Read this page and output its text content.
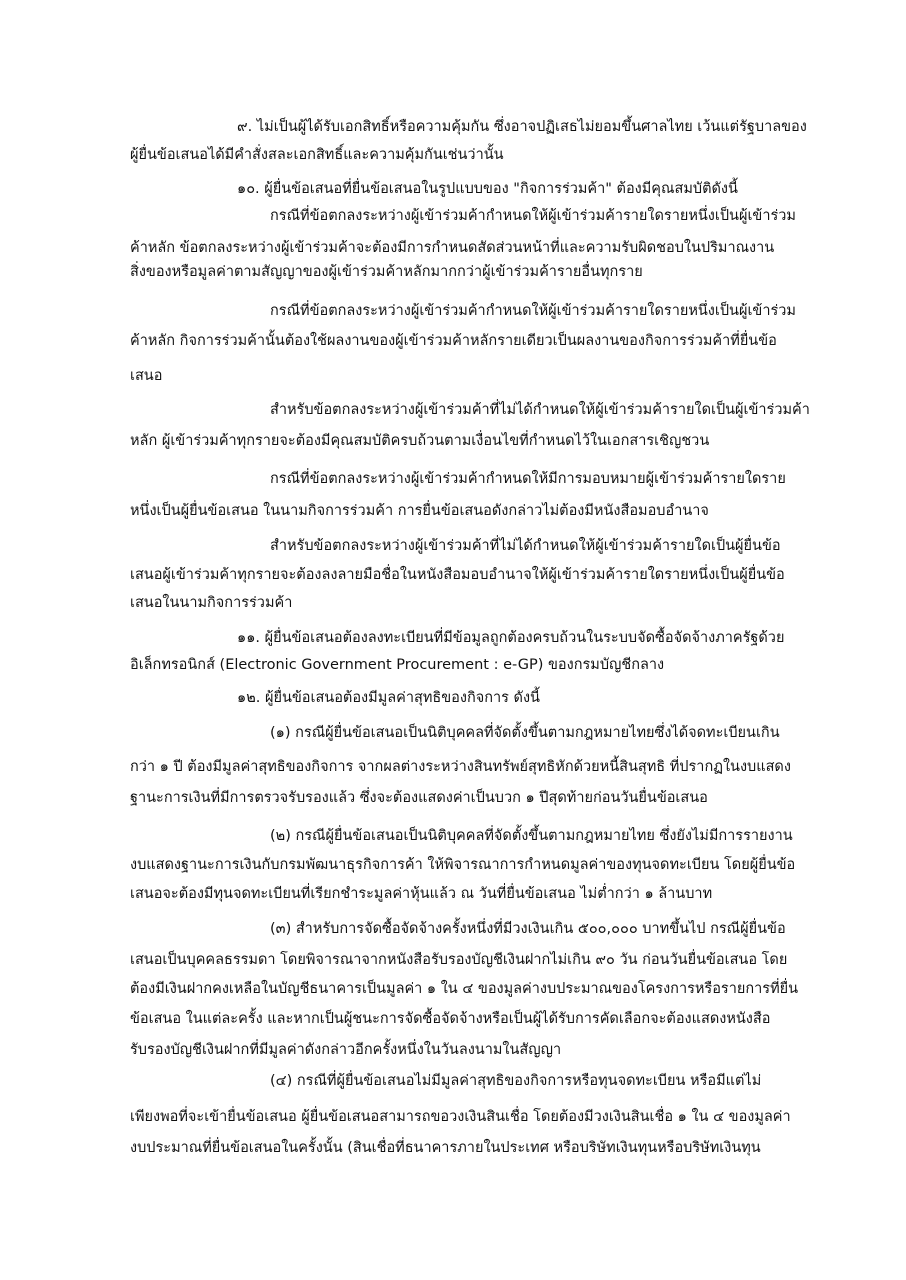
๙. ไม่เป็นผู้ได้รับเอกสิทธิ์หรือความคุ้มกัน ซึ่งอาจปฏิเสธไม่ยอมขึ้นศาลไทย เว้นแต่รัฐบาลของ
ผู้ยื่นข้อเสนอได้มีคำสั่งสละเอกสิทธิ์และความคุ้มกันเช่นว่านั้น
๑๐. ผู้ยื่นข้อเสนอที่ยื่นข้อเสนอในรูปแบบของ "กิจการร่วมค้า" ต้องมีคุณสมบัติดังนี้
กรณีที่ข้อตกลงระหว่างผู้เข้าร่วมค้ากำหนดให้ผู้เข้าร่วมค้ารายใดรายหนึ่งเป็นผู้เข้าร่วม
ค้าหลัก ข้อตกลงระหว่างผู้เข้าร่วมค้าจะต้องมีการกำหนดสัดส่วนหน้าที่และความรับผิดชอบในปริมาณงาน
สิ่งของหรือมูลค่าตามสัญญาของผู้เข้าร่วมค้าหลักมากกว่าผู้เข้าร่วมค้ารายอื่นทุกราย
กรณีที่ข้อตกลงระหว่างผู้เข้าร่วมค้ากำหนดให้ผู้เข้าร่วมค้ารายใดรายหนึ่งเป็นผู้เข้าร่วม
ค้าหลัก กิจการร่วมค้านั้นต้องใช้ผลงานของผู้เข้าร่วมค้าหลักรายเดียวเป็นผลงานของกิจการร่วมค้าที่ยื่นข้อ
เสนอ
สำหรับข้อตกลงระหว่างผู้เข้าร่วมค้าที่ไม่ได้กำหนดให้ผู้เข้าร่วมค้ารายใดเป็นผู้เข้าร่วมค้า
หลัก ผู้เข้าร่วมค้าทุกรายจะต้องมีคุณสมบัติครบถ้วนตามเงื่อนไขที่กำหนดไว้ในเอกสารเชิญชวน
กรณีที่ข้อตกลงระหว่างผู้เข้าร่วมค้ากำหนดให้มีการมอบหมายผู้เข้าร่วมค้ารายใดราย
หนึ่งเป็นผู้ยื่นข้อเสนอ ในนามกิจการร่วมค้า การยื่นข้อเสนอดังกล่าวไม่ต้องมีหนังสือมอบอำนาจ
สำหรับข้อตกลงระหว่างผู้เข้าร่วมค้าที่ไม่ได้กำหนดให้ผู้เข้าร่วมค้ารายใดเป็นผู้ยื่นข้อ
เสนอผู้เข้าร่วมค้าทุกรายจะต้องลงลายมือชื่อในหนังสือมอบอำนาจให้ผู้เข้าร่วมค้ารายใดรายหนึ่งเป็นผู้ยื่นข้อ
เสนอในนามกิจการร่วมค้า
๑๑. ผู้ยื่นข้อเสนอต้องลงทะเบียนที่มีข้อมูลถูกต้องครบถ้วนในระบบจัดซื้อจัดจ้างภาครัฐด้วย
อิเล็กทรอนิกส์ (Electronic Government Procurement : e-GP) ของกรมบัญชีกลาง
๑๒. ผู้ยื่นข้อเสนอต้องมีมูลค่าสุทธิของกิจการ ดังนี้
(๑) กรณีผู้ยื่นข้อเสนอเป็นนิติบุคคลที่จัดตั้งขึ้นตามกฎหมายไทยซึ่งได้จดทะเบียนเกิน
กว่า ๑ ปี ต้องมีมูลค่าสุทธิของกิจการ จากผลต่างระหว่างสินทรัพย์สุทธิหักด้วยหนี้สินสุทธิ ที่ปรากฏในงบแสดง
ฐานะการเงินที่มีการตรวจรับรองแล้ว ซึ่งจะต้องแสดงค่าเป็นบวก ๑ ปีสุดท้ายก่อนวันยื่นข้อเสนอ
(๒) กรณีผู้ยื่นข้อเสนอเป็นนิติบุคคลที่จัดตั้งขึ้นตามกฎหมายไทย ซึ่งยังไม่มีการรายงาน
งบแสดงฐานะการเงินกับกรมพัฒนาธุรกิจการค้า ให้พิจารณาการกำหนดมูลค่าของทุนจดทะเบียน โดยผู้ยื่นข้อ
เสนอจะต้องมีทุนจดทะเบียนที่เรียกชำระมูลค่าหุ้นแล้ว ณ วันที่ยื่นข้อเสนอ ไม่ต่ำกว่า ๑ ล้านบาท
(๓) สำหรับการจัดซื้อจัดจ้างครั้งหนึ่งที่มีวงเงินเกิน ๕๐๐,๐๐๐ บาทขึ้นไป กรณีผู้ยื่นข้อ
เสนอเป็นบุคคลธรรมดา โดยพิจารณาจากหนังสือรับรองบัญชีเงินฝากไม่เกิน ๙๐ วัน ก่อนวันยื่นข้อเสนอ โดย
ต้องมีเงินฝากคงเหลือในบัญชีธนาคารเป็นมูลค่า ๑ ใน ๔ ของมูลค่างบประมาณของโครงการหรือรายการที่ยื่น
ข้อเสนอ ในแต่ละครั้ง และหากเป็นผู้ชนะการจัดซื้อจัดจ้างหรือเป็นผู้ได้รับการคัดเลือกจะต้องแสดงหนังสือ
รับรองบัญชีเงินฝากที่มีมูลค่าดังกล่าวอีกครั้งหนึ่งในวันลงนามในสัญญา
(๔) กรณีที่ผู้ยื่นข้อเสนอไม่มีมูลค่าสุทธิของกิจการหรือทุนจดทะเบียน หรือมีแต่ไม่
เพียงพอที่จะเข้ายื่นข้อเสนอ ผู้ยื่นข้อเสนอสามารถขอวงเงินสินเชื่อ โดยต้องมีวงเงินสินเชื่อ ๑ ใน ๔ ของมูลค่า
งบประมาณที่ยื่นข้อเสนอในครั้งนั้น (สินเชื่อที่ธนาคารภายในประเทศ หรือบริษัทเงินทุนหรือบริษัทเงินทุน
